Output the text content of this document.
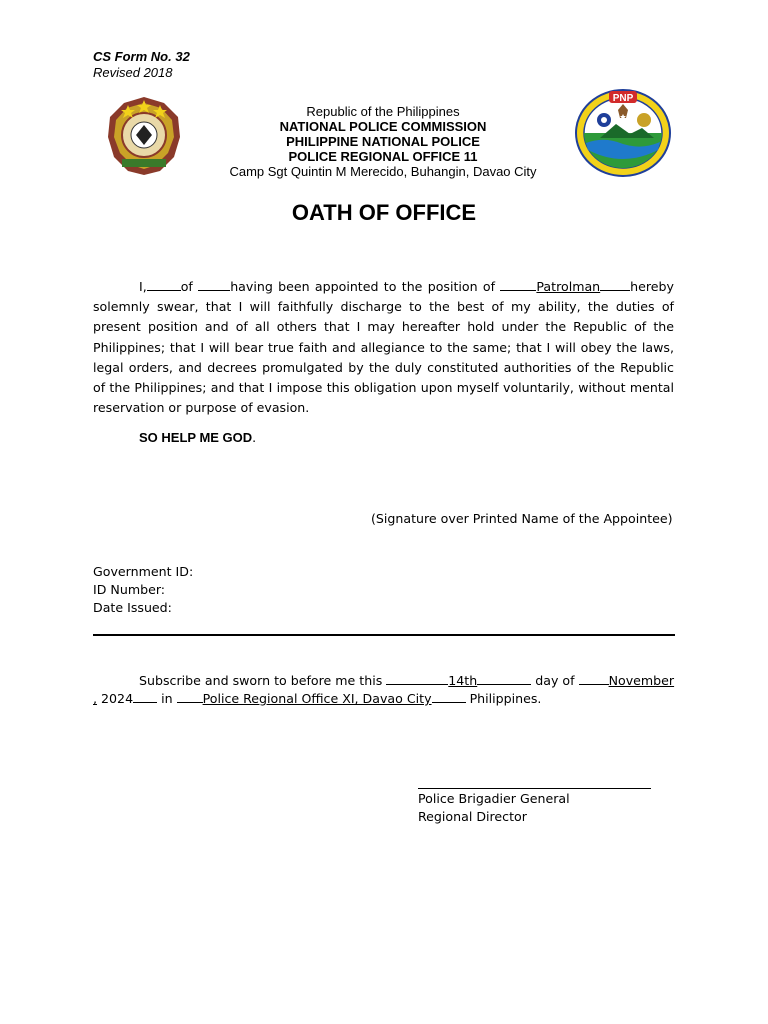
CS Form No. 32
Revised 2018
Republic of the Philippines
NATIONAL POLICE COMMISSION
PHILIPPINE NATIONAL POLICE
POLICE REGIONAL OFFICE 11
Camp Sgt Quintin M Merecido, Buhangin, Davao City
PNP
OATH OF OFFICE
I,	of	having been appointed to the position of	Patrolman hereby solemnly swear, that I will faithfully discharge to the best of my ability, the duties of present position and of all others that I may hereafter hold under the Republic of the Philippines; that I will bear true faith and allegiance to the same; that I will obey the laws, legal orders, and decrees promulgated by the duly constituted authorities of the Republic of the Philippines; and that I impose this obligation upon myself voluntarily, without mental reservation or purpose of evasion.
SO HELP ME GOD.
(Signature over Printed Name of the Appointee)
Government ID:
ID Number:
Date Issued:
Subscribe and sworn to before me this	14th	day of	November
, 2024 in Police Regional Office XI, Davao City	Philippines.
Police Brigadier General
Regional Director
